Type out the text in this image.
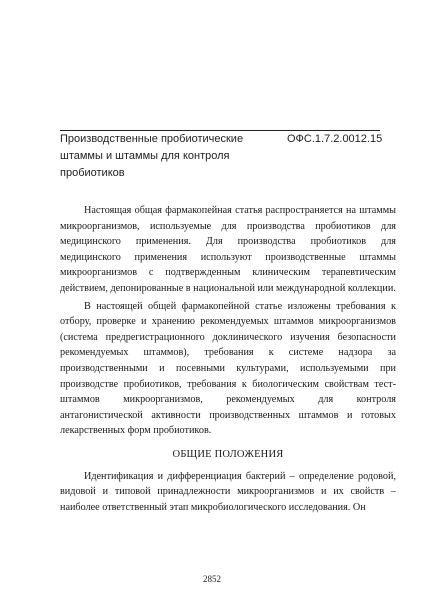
Производственные пробиотические штаммы и штаммы для контроля пробиотиков
ОФС.1.7.2.0012.15

Настоящая общая фармакопейная статья распространяется на штаммы микроорганизмов, используемые для производства пробиотиков для медицинского применения. Для производства пробиотиков для медицинского применения используют производственные штаммы микроорганизмов с подтвержденным клиническим терапевтическим действием, депонированные в национальной или международной коллекции.

В настоящей общей фармакопейной статье изложены требования к отбору, проверке и хранению рекомендуемых штаммов микроорганизмов (система предрегистрационного доклинического изучения безопасности рекомендуемых штаммов), требования к системе надзора за производственными и посевными культурами, используемыми при производстве пробиотиков, требования к биологическим свойствам тест-штаммов микроорганизмов, рекомендуемых для контроля антагонистической активности производственных штаммов и готовых лекарственных форм пробиотиков.

ОБЩИЕ ПОЛОЖЕНИЯ

Идентификация и дифференциация бактерий – определение родовой, видовой и типовой принадлежности микроорганизмов и их свойств – наиболее ответственный этап микробиологического исследования. Он

2852
